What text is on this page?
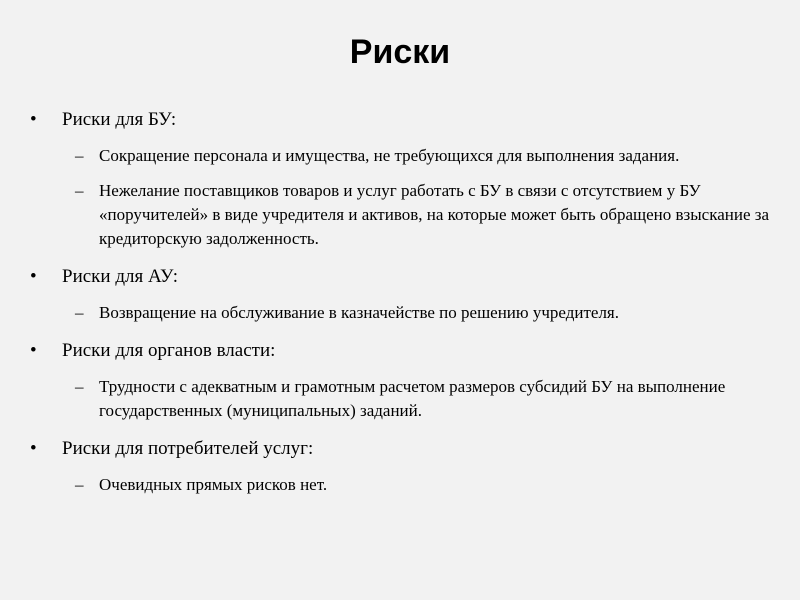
Риски
•	Риски для БУ:
– Сокращение персонала и имущества, не требующихся для выполнения задания.
– Нежелание поставщиков товаров и услуг работать с БУ в связи с отсутствием у БУ «поручителей» в виде учредителя и активов, на которые может быть обращено взыскание за кредиторскую задолженность.
•	Риски для АУ:
– Возвращение на обслуживание в казначействе по решению учредителя.
•	Риски для органов власти:
– Трудности с адекватным и грамотным расчетом размеров субсидий БУ на выполнение государственных (муниципальных) заданий.
•	Риски для потребителей услуг:
– Очевидных прямых рисков нет.
